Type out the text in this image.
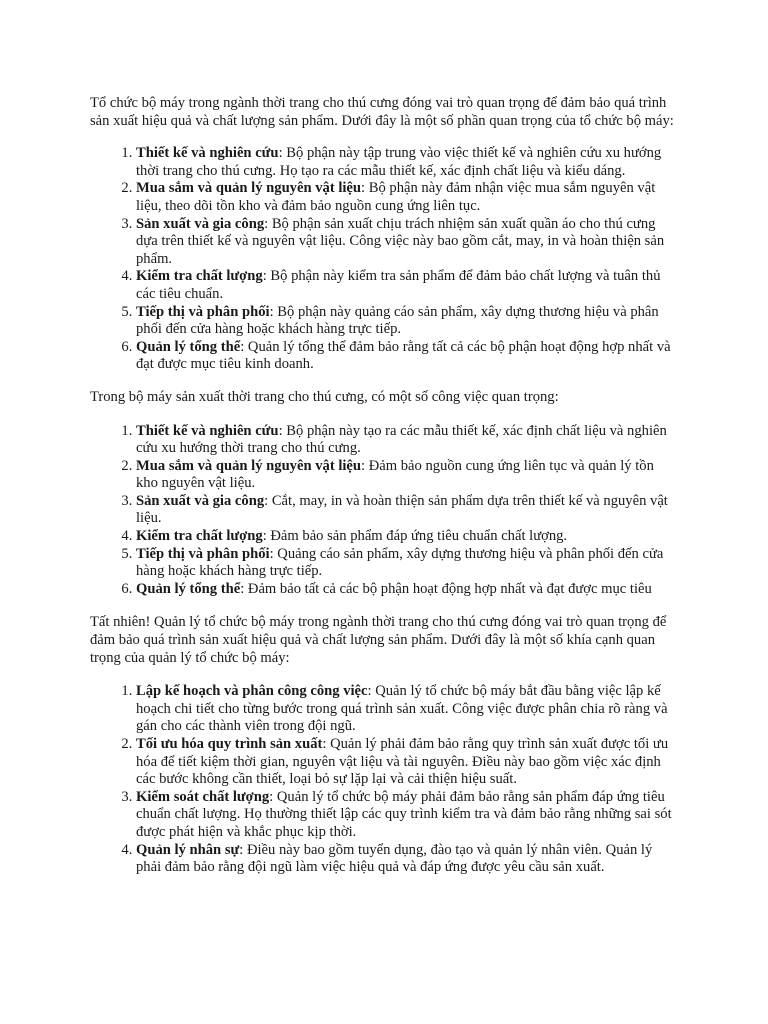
Tổ chức bộ máy trong ngành thời trang cho thú cưng đóng vai trò quan trọng để đảm bảo quá trình sản xuất hiệu quả và chất lượng sản phẩm. Dưới đây là một số phần quan trọng của tổ chức bộ máy:

1. Thiết kế và nghiên cứu: Bộ phận này tập trung vào việc thiết kế và nghiên cứu xu hướng thời trang cho thú cưng. Họ tạo ra các mẫu thiết kế, xác định chất liệu và kiểu dáng.
2. Mua sắm và quản lý nguyên vật liệu: Bộ phận này đảm nhận việc mua sắm nguyên vật liệu, theo dõi tồn kho và đảm bảo nguồn cung ứng liên tục.
3. Sản xuất và gia công: Bộ phận sản xuất chịu trách nhiệm sản xuất quần áo cho thú cưng dựa trên thiết kế và nguyên vật liệu. Công việc này bao gồm cắt, may, in và hoàn thiện sản phẩm.
4. Kiểm tra chất lượng: Bộ phận này kiểm tra sản phẩm để đảm bảo chất lượng và tuân thủ các tiêu chuẩn.
5. Tiếp thị và phân phối: Bộ phận này quảng cáo sản phẩm, xây dựng thương hiệu và phân phối đến cửa hàng hoặc khách hàng trực tiếp.
6. Quản lý tổng thể: Quản lý tổng thể đảm bảo rằng tất cả các bộ phận hoạt động hợp nhất và đạt được mục tiêu kinh doanh.

Trong bộ máy sản xuất thời trang cho thú cưng, có một số công việc quan trọng:

1. Thiết kế và nghiên cứu: Bộ phận này tạo ra các mẫu thiết kế, xác định chất liệu và nghiên cứu xu hướng thời trang cho thú cưng.
2. Mua sắm và quản lý nguyên vật liệu: Đảm bảo nguồn cung ứng liên tục và quản lý tồn kho nguyên vật liệu.
3. Sản xuất và gia công: Cắt, may, in và hoàn thiện sản phẩm dựa trên thiết kế và nguyên vật liệu.
4. Kiểm tra chất lượng: Đảm bảo sản phẩm đáp ứng tiêu chuẩn chất lượng.
5. Tiếp thị và phân phối: Quảng cáo sản phẩm, xây dựng thương hiệu và phân phối đến cửa hàng hoặc khách hàng trực tiếp.
6. Quản lý tổng thể: Đảm bảo tất cả các bộ phận hoạt động hợp nhất và đạt được mục tiêu

Tất nhiên! Quản lý tổ chức bộ máy trong ngành thời trang cho thú cưng đóng vai trò quan trọng để đảm bảo quá trình sản xuất hiệu quả và chất lượng sản phẩm. Dưới đây là một số khía cạnh quan trọng của quản lý tổ chức bộ máy:

1. Lập kế hoạch và phân công công việc: Quản lý tổ chức bộ máy bắt đầu bằng việc lập kế hoạch chi tiết cho từng bước trong quá trình sản xuất. Công việc được phân chia rõ ràng và gán cho các thành viên trong đội ngũ.
2. Tối ưu hóa quy trình sản xuất: Quản lý phải đảm bảo rằng quy trình sản xuất được tối ưu hóa để tiết kiệm thời gian, nguyên vật liệu và tài nguyên. Điều này bao gồm việc xác định các bước không cần thiết, loại bỏ sự lặp lại và cải thiện hiệu suất.
3. Kiểm soát chất lượng: Quản lý tổ chức bộ máy phải đảm bảo rằng sản phẩm đáp ứng tiêu chuẩn chất lượng. Họ thường thiết lập các quy trình kiểm tra và đảm bảo rằng những sai sót được phát hiện và khắc phục kịp thời.
4. Quản lý nhân sự: Điều này bao gồm tuyển dụng, đào tạo và quản lý nhân viên. Quản lý phải đảm bảo rằng đội ngũ làm việc hiệu quả và đáp ứng được yêu cầu sản xuất.
